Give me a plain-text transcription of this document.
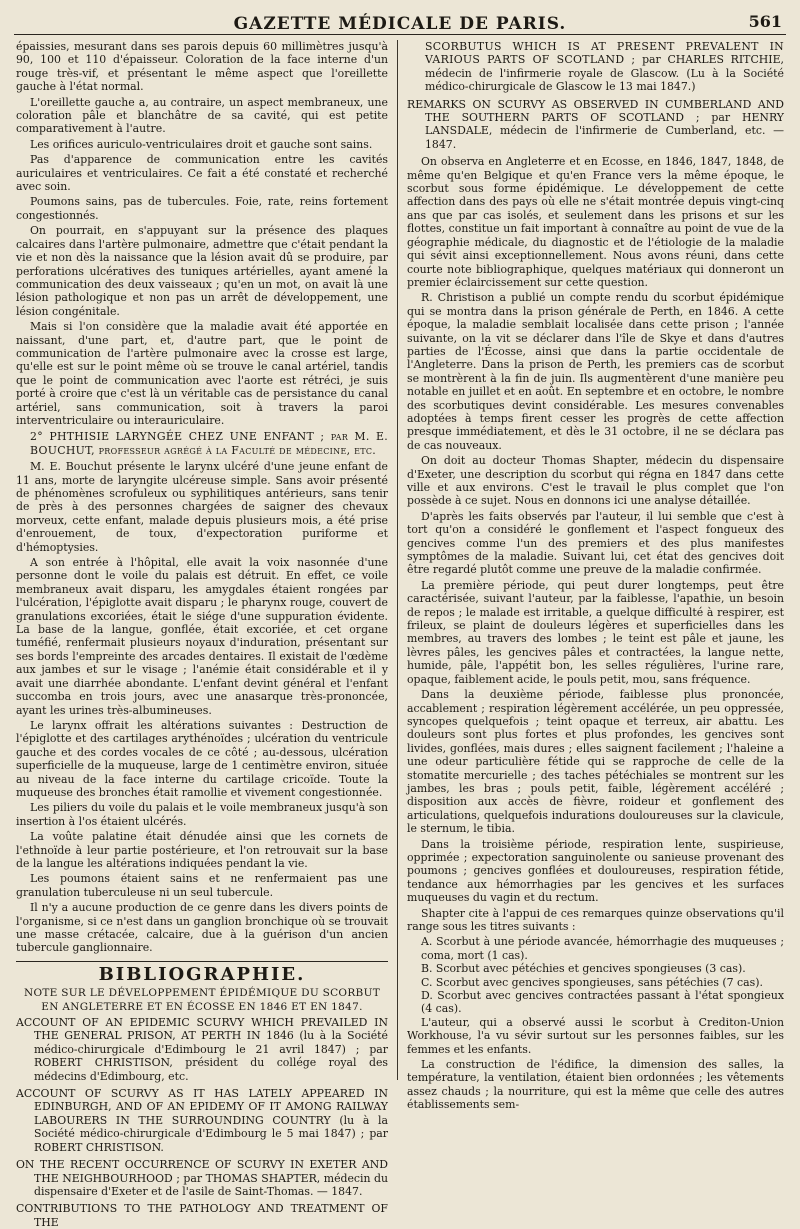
GAZETTE MÉDICALE DE PARIS.	561

épaissies, mesurant dans ses parois depuis 60 millimètres jusqu'à 90, 100 et 110 d'épaisseur. Coloration de la face interne d'un rouge très-vif, et présentant le même aspect que l'oreillette gauche à l'état normal.

L'oreillette gauche a, au contraire, un aspect membraneux, une coloration pâle et blanchâtre de sa cavité, qui est petite comparativement à l'autre.

Les orifices auriculo-ventriculaires droit et gauche sont sains.

Pas d'apparence de communication entre les cavités auriculaires et ventriculaires. Ce fait a été constaté et recherché avec soin.

Poumons sains, pas de tubercules. Foie, rate, reins fortement congestionnés.

On pourrait, en s'appuyant sur la présence des plaques calcaires dans l'artère pulmonaire, admettre que c'était pendant la vie et non dès la naissance que la lésion avait dû se produire, par perforations ulcératives des tuniques artérielles, ayant amené la communication des deux vaisseaux ; qu'en un mot, on avait là une lésion pathologique et non pas un arrêt de développement, une lésion congénitale.

Mais si l'on considère que la maladie avait été apportée en naissant, d'une part, et, d'autre part, que le point de communication de l'artère pulmonaire avec la crosse est large, qu'elle est sur le point même où se trouve le canal artériel, tandis que le point de communication avec l'aorte est rétréci, je suis porté à croire que c'est là un véritable cas de persistance du canal artériel, sans communication, soit à travers la paroi interventriculaire ou interauriculaire.

2° PHTHISIE LARYNGÉE CHEZ UNE ENFANT ; par M. E. BOUCHUT, professeur agrégé à la Faculté de médecine, etc.

M. E. Bouchut présente le larynx ulcéré d'une jeune enfant de 11 ans, morte de laryngite ulcéreuse simple. Sans avoir présenté de phénomènes scrofuleux ou syphilitiques antérieurs, sans tenir de près à des personnes chargées de saigner des chevaux morveux, cette enfant, malade depuis plusieurs mois, a été prise d'enrouement, de toux, d'expectoration puriforme et d'hémoptysies.

A son entrée à l'hôpital, elle avait la voix nasonnée d'une personne dont le voile du palais est détruit. En effet, ce voile membraneux avait disparu, les amygdales étaient rongées par l'ulcération, l'épiglotte avait disparu ; le pharynx rouge, couvert de granulations excoriées, était le siége d'une suppuration évidente. La base de la langue, gonflée, était excoriée, et cet organe tuméfié, renfermait plusieurs noyaux d'induration, présentant sur ses bords l'empreinte des arcades dentaires. Il existait de l'œdème aux jambes et sur le visage ; l'anémie était considérable et il y avait une diarrhée abondante. L'enfant devint général et l'enfant succomba en trois jours, avec une anasarque très-prononcée, ayant les urines très-albumineuses.

Le larynx offrait les altérations suivantes : Destruction de l'épiglotte et des cartilages arythénoïdes ; ulcération du ventricule gauche et des cordes vocales de ce côté ; au-dessous, ulcération superficielle de la muqueuse, large de 1 centimètre environ, située au niveau de la face interne du cartilage cricoïde. Toute la muqueuse des bronches était ramollie et vivement congestionnée.

Les piliers du voile du palais et le voile membraneux jusqu'à son insertion à l'os étaient ulcérés.

La voûte palatine était dénudée ainsi que les cornets de l'ethnoïde à leur partie postérieure, et l'on retrouvait sur la base de la langue les altérations indiquées pendant la vie.

Les poumons étaient sains et ne renfermaient pas une granulation tuberculeuse ni un seul tubercule.

Il n'y a aucune production de ce genre dans les divers points de l'organisme, si ce n'est dans un ganglion bronchique où se trouvait une masse crétacée, calcaire, due à la guérison d'un ancien tubercule ganglionnaire.

BIBLIOGRAPHIE.

NOTE SUR LE DÉVELOPPEMENT ÉPIDÉMIQUE DU SCORBUT EN ANGLETERRE ET EN ÉCOSSE EN 1846 ET EN 1847.

ACCOUNT OF AN EPIDEMIC SCURVY WHICH PREVAILED IN THE GENERAL PRISON, AT PERTH IN 1846 (lu à la Société médico-chirurgicale d'Edimbourg le 21 avril 1847) ; par ROBERT CHRISTISON, président du collége royal des médecins d'Edimbourg, etc.

ACCOUNT OF SCURVY AS IT HAS LATELY APPEARED IN EDINBURGH, AND OF AN EPIDEMY OF IT AMONG RAILWAY LABOURERS IN THE SURROUNDING COUNTRY (lu à la Société médico-chirurgicale d'Edimbourg le 5 mai 1847) ; par ROBERT CHRISTISON.

ON THE RECENT OCCURRENCE OF SCURVY IN EXETER AND THE NEIGHBOURHOOD ; par THOMAS SHAPTER, médecin du dispensaire d'Exeter et de l'asile de Saint-Thomas. — 1847.

CONTRIBUTIONS TO THE PATHOLOGY AND TREATMENT OF THE

SCORBUTUS WHICH IS AT PRESENT PREVALENT IN VARIOUS PARTS OF SCOTLAND ; par CHARLES RITCHIE, médecin de l'infirmerie royale de Glascow. (Lu à la Société médico-chirurgicale de Glascow le 13 mai 1847.)

REMARKS ON SCURVY AS OBSERVED IN CUMBERLAND AND THE SOUTHERN PARTS OF SCOTLAND ; par HENRY LANSDALE, médecin de l'infirmerie de Cumberland, etc. — 1847.

On observa en Angleterre et en Ecosse, en 1846, 1847, 1848, de même qu'en Belgique et qu'en France vers la même époque, le scorbut sous forme épidémique. Le développement de cette affection dans des pays où elle ne s'était montrée depuis vingt-cinq ans que par cas isolés, et seulement dans les prisons et sur les flottes, constitue un fait important à connaître au point de vue de la géographie médicale, du diagnostic et de l'étiologie de la maladie qui sévit ainsi exceptionnellement. Nous avons réuni, dans cette courte note bibliographique, quelques matériaux qui donneront un premier éclaircissement sur cette question.

R. Christison a publié un compte rendu du scorbut épidémique qui se montra dans la prison générale de Perth, en 1846. A cette époque, la maladie semblait localisée dans cette prison ; l'année suivante, on la vit se déclarer dans l'île de Skye et dans d'autres parties de l'Écosse, ainsi que dans la partie occidentale de l'Angleterre. Dans la prison de Perth, les premiers cas de scorbut se montrèrent à la fin de juin. Ils augmentèrent d'une manière peu notable en juillet et en août. En septembre et en octobre, le nombre des scorbutiques devint considérable. Les mesures convenables adoptées à temps firent cesser les progrès de cette affection presque immédiatement, et dès le 31 octobre, il ne se déclara pas de cas nouveaux.

On doit au docteur Thomas Shapter, médecin du dispensaire d'Exeter, une description du scorbut qui régna en 1847 dans cette ville et aux environs. C'est le travail le plus complet que l'on possède à ce sujet. Nous en donnons ici une analyse détaillée.

D'après les faits observés par l'auteur, il lui semble que c'est à tort qu'on a considéré le gonflement et l'aspect fongueux des gencives comme l'un des premiers et des plus manifestes symptômes de la maladie. Suivant lui, cet état des gencives doit être regardé plutôt comme une preuve de la maladie confirmée.

La première période, qui peut durer longtemps, peut être caractérisée, suivant l'auteur, par la faiblesse, l'apathie, un besoin de repos ; le malade est irritable, a quelque difficulté à respirer, est frileux, se plaint de douleurs légères et superficielles dans les membres, au travers des lombes ; le teint est pâle et jaune, les lèvres pâles, les gencives pâles et contractées, la langue nette, humide, pâle, l'appétit bon, les selles régulières, l'urine rare, opaque, faiblement acide, le pouls petit, mou, sans fréquence.

Dans la deuxième période, faiblesse plus prononcée, accablement ; respiration légèrement accélérée, un peu oppressée, syncopes quelquefois ; teint opaque et terreux, air abattu. Les douleurs sont plus fortes et plus profondes, les gencives sont livides, gonflées, mais dures ; elles saignent facilement ; l'haleine a une odeur particulière fétide qui se rapproche de celle de la stomatite mercurielle ; des taches pétéchiales se montrent sur les jambes, les bras ; pouls petit, faible, légèrement accéléré ; disposition aux accès de fièvre, roideur et gonflement des articulations, quelquefois indurations douloureuses sur la clavicule, le sternum, le tibia.

Dans la troisième période, respiration lente, suspirieuse, opprimée ; expectoration sanguinolente ou sanieuse provenant des poumons ; gencives gonflées et douloureuses, respiration fétide, tendance aux hémorrhagies par les gencives et les surfaces muqueuses du vagin et du rectum.

Shapter cite à l'appui de ces remarques quinze observations qu'il range sous les titres suivants :

A. Scorbut à une période avancée, hémorrhagie des muqueuses ; coma, mort (1 cas).

B. Scorbut avec pétéchies et gencives spongieuses (3 cas).

C. Scorbut avec gencives spongieuses, sans pétéchies (7 cas).

D. Scorbut avec gencives contractées passant à l'état spongieux (4 cas).

L'auteur, qui a observé aussi le scorbut à Crediton-Union Workhouse, l'a vu sévir surtout sur les personnes faibles, sur les femmes et les enfants.

La construction de l'édifice, la dimension des salles, la température, la ventilation, étaient bien ordonnées ; les vêtements assez chauds ; la nourriture, qui est la même que celle des autres établissements sem-
